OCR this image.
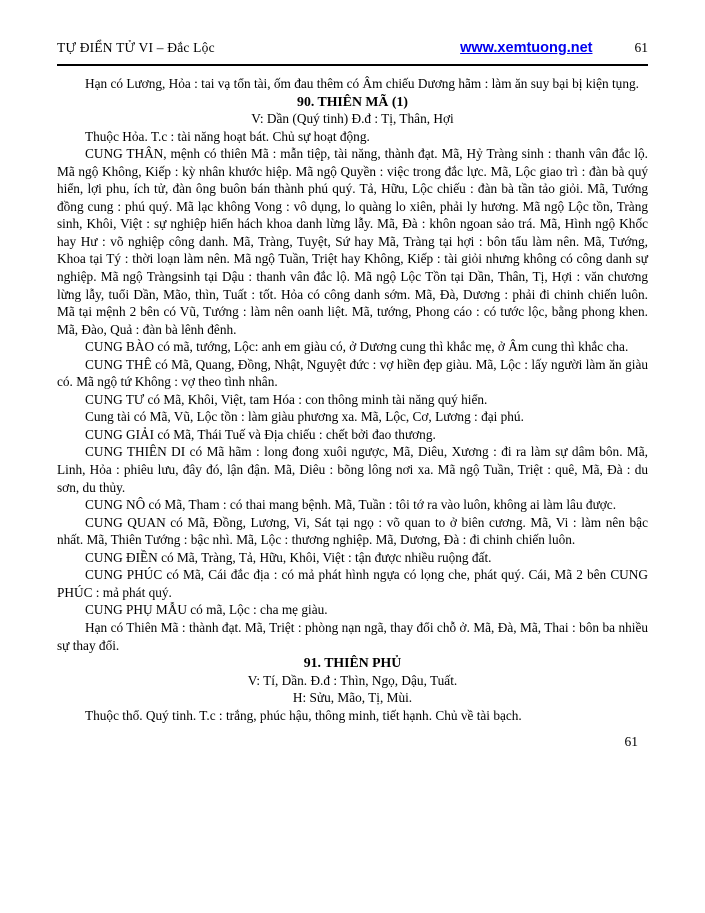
TỰ ĐIỂN TỬ VI – Đắc Lộc	www.xemtuong.net	61

Hạn có Lương, Hỏa : tai vạ tổn tài, ốm đau thêm có Âm chiếu Dương hãm : làm ăn suy bại bị kiện tụng.

90. THIÊN MÃ (1)

V: Dần (Quý tinh) Đ.đ : Tị, Thân, Hợi

Thuộc Hỏa. T.c : tài năng hoạt bát. Chủ sự hoạt động.

CUNG THÂN, mệnh có thiên Mã : mẫn tiệp, tài năng, thành đạt. Mã, Hỷ Tràng sinh : thanh vân đắc lộ. Mã ngộ Không, Kiếp : kỳ nhân khước hiệp. Mã ngộ Quyền : việc trong đắc lực. Mã, Lộc giao trì : đàn bà quý hiển, lợi phu, ích tử, đàn ông buôn bán thành phú quý. Tả, Hữu, Lộc chiếu : đàn bà tần tảo giỏi. Mã, Tướng đồng cung : phú quý. Mã lạc không Vong : vô dụng, lo quàng lo xiên, phải ly hương. Mã ngộ Lộc tồn, Tràng sinh, Khôi, Việt : sự nghiệp hiển hách khoa danh lừng lẫy. Mã, Đà : khôn ngoan sảo trá. Mã, Hình ngộ Khốc hay Hư : võ nghiệp công danh. Mã, Tràng, Tuyệt, Sứ hay Mã, Tràng tại hợi : bôn tẩu làm nên. Mã, Tướng, Khoa tại Tý : thời loạn làm nên. Mã ngộ Tuần, Triệt hay Không, Kiếp : tài giỏi nhưng không có công danh sự nghiệp. Mã ngộ Tràngsinh tại Dậu : thanh vân đắc lộ. Mã ngộ Lộc Tồn tại Dần, Thân, Tị, Hợi : văn chương lừng lẫy, tuổi Dần, Mão, thìn, Tuất : tốt. Hỏa có công danh sớm. Mã, Đà, Dương : phải đi chinh chiến luôn. Mã tại mệnh 2 bên có Vũ, Tướng : làm nên oanh liệt. Mã, tướng, Phong cáo : có tước lộc, bằng phong khen. Mã, Đào, Quả : đàn bà lênh đênh.

CUNG BÀO có mã, tướng, Lộc: anh em giàu có, ở Dương cung thì khắc mẹ, ở Âm cung thì khắc cha.

CUNG THÊ có Mã, Quang, Đồng, Nhật, Nguyệt đức : vợ hiền đẹp giàu. Mã, Lộc : lấy người làm ăn giàu có. Mã ngộ tứ Không : vợ theo tình nhân.

CUNG TƯ có Mã, Khôi, Việt, tam Hóa : con thông minh tài năng quý hiển.

Cung tài có Mã, Vũ, Lộc tồn : làm giàu phương xa. Mã, Lộc, Cơ, Lương : đại phú.

CUNG GIẢI có Mã, Thái Tuế và Địa chiếu : chết bởi đao thương.

CUNG THIÊN DI có Mã hãm : long đong xuôi ngược, Mã, Diêu, Xương : đi ra làm sự dâm bôn. Mã, Linh, Hỏa : phiêu lưu, đây đó, lận đận. Mã, Diêu : bõng lông nơi xa. Mã ngộ Tuần, Triệt : quê, Mã, Đà : du sơn, du thủy.

CUNG NÔ có Mã, Tham : có thai mang bệnh. Mã, Tuần : tôi tớ ra vào luôn, không ai làm lâu được.

CUNG QUAN có Mã, Đồng, Lương, Vi, Sát tại ngọ : võ quan to ở biên cương. Mã, Vi : làm nên bậc nhất. Mã, Thiên Tướng : bậc nhì. Mã, Lộc : thương nghiệp. Mã, Dương, Đà : đi chinh chiến luôn.

CUNG ĐIỀN có Mã, Tràng, Tả, Hữu, Khôi, Việt : tận được nhiều ruộng đất.

CUNG PHÚC có Mã, Cái đắc địa : có mả phát hình ngựa có lọng che, phát quý. Cái, Mã 2 bên CUNG PHÚC : mả phát quý.

CUNG PHỤ MẪU có mã, Lộc : cha mẹ giàu.

Hạn có Thiên Mã : thành đạt. Mã, Triệt : phòng nạn ngã, thay đổi chỗ ở. Mã, Đà, Mã, Thai : bôn ba nhiều sự thay đổi.

91. THIÊN PHỦ

V: Tí, Dần. Đ.đ : Thìn, Ngọ, Dậu, Tuất.

H: Sửu, Mão, Tị, Mùi.

Thuộc thổ. Quý tinh. T.c : trắng, phúc hậu, thông minh, tiết hạnh. Chủ về tài bạch.

61
